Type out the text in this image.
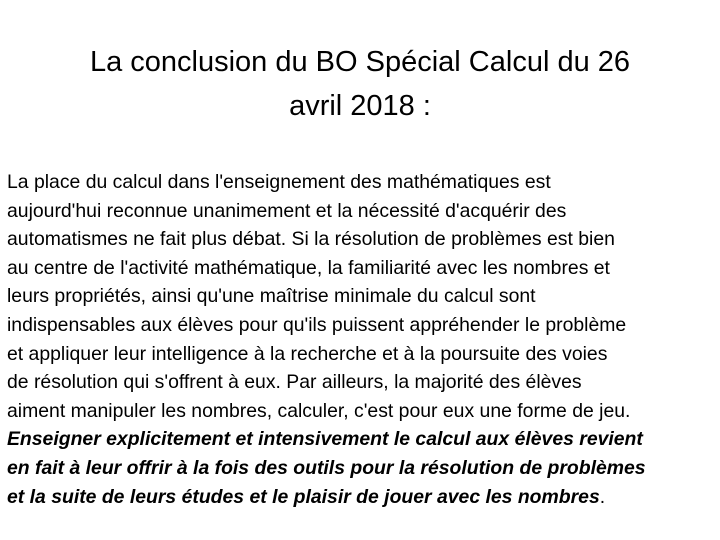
La conclusion du BO Spécial Calcul du 26
avril 2018 :
La place du calcul dans l'enseignement des mathématiques est
aujourd'hui reconnue unanimement et la nécessité d'acquérir des
automatismes ne fait plus débat. Si la résolution de problèmes est bien
au centre de l'activité mathématique, la familiarité avec les nombres et
leurs propriétés, ainsi qu'une maîtrise minimale du calcul sont
indispensables aux élèves pour qu'ils puissent appréhender le problème
et appliquer leur intelligence à la recherche et à la poursuite des voies
de résolution qui s'offrent à eux. Par ailleurs, la majorité des élèves
aiment manipuler les nombres, calculer, c'est pour eux une forme de jeu.
Enseigner explicitement et intensivement le calcul aux élèves revient
en fait à leur offrir à la fois des outils pour la résolution de problèmes
et la suite de leurs études et le plaisir de jouer avec les nombres.
